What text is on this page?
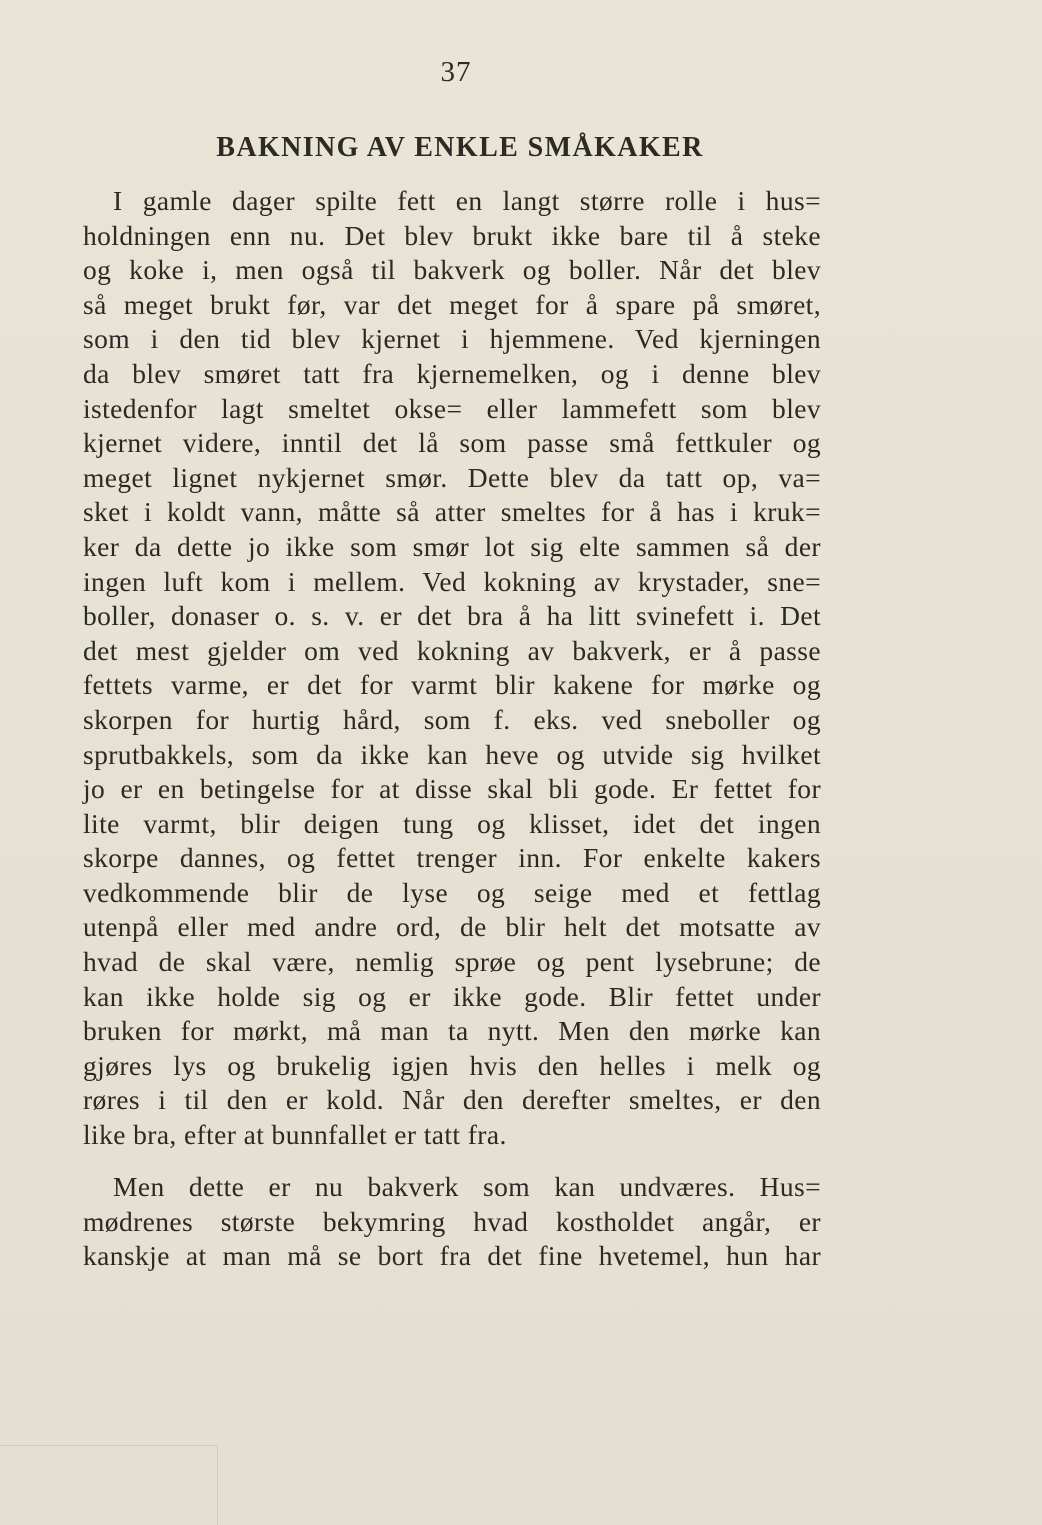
37
BAKNING AV ENKLE SMÅKAKER
I gamle dager spilte fett en langt større rolle i hus=
holdningen enn nu. Det blev brukt ikke bare til å steke
og koke i, men også til bakverk og boller. Når det blev
så meget brukt før, var det meget for å spare på smøret,
som i den tid blev kjernet i hjemmene. Ved kjerningen
da blev smøret tatt fra kjernemelken, og i denne blev
istedenfor lagt smeltet okse= eller lammefett som blev
kjernet videre, inntil det lå som passe små fettkuler og
meget lignet nykjernet smør. Dette blev da tatt op, va=
sket i koldt vann, måtte så atter smeltes for å has i kruk=
ker da dette jo ikke som smør lot sig elte sammen så der
ingen luft kom i mellem. Ved kokning av krystader, sne=
boller, donaser o. s. v. er det bra å ha litt svinefett i. Det
det mest gjelder om ved kokning av bakverk, er å passe
fettets varme, er det for varmt blir kakene for mørke og
skorpen for hurtig hård, som f. eks. ved sneboller og
sprutbakkels, som da ikke kan heve og utvide sig hvilket
jo er en betingelse for at disse skal bli gode. Er fettet for
lite varmt, blir deigen tung og klisset, idet det ingen
skorpe dannes, og fettet trenger inn. For enkelte kakers
vedkommende blir de lyse og seige med et fettlag
utenpå eller med andre ord, de blir helt det motsatte av
hvad de skal være, nemlig sprøe og pent lysebrune; de
kan ikke holde sig og er ikke gode. Blir fettet under
bruken for mørkt, må man ta nytt. Men den mørke kan
gjøres lys og brukelig igjen hvis den helles i melk og
røres i til den er kold. Når den derefter smeltes, er den
like bra, efter at bunnfallet er tatt fra.
Men dette er nu bakverk som kan undværes. Hus=
mødrenes største bekymring hvad kostholdet angår, er
kanskje at man må se bort fra det fine hvetemel, hun har
